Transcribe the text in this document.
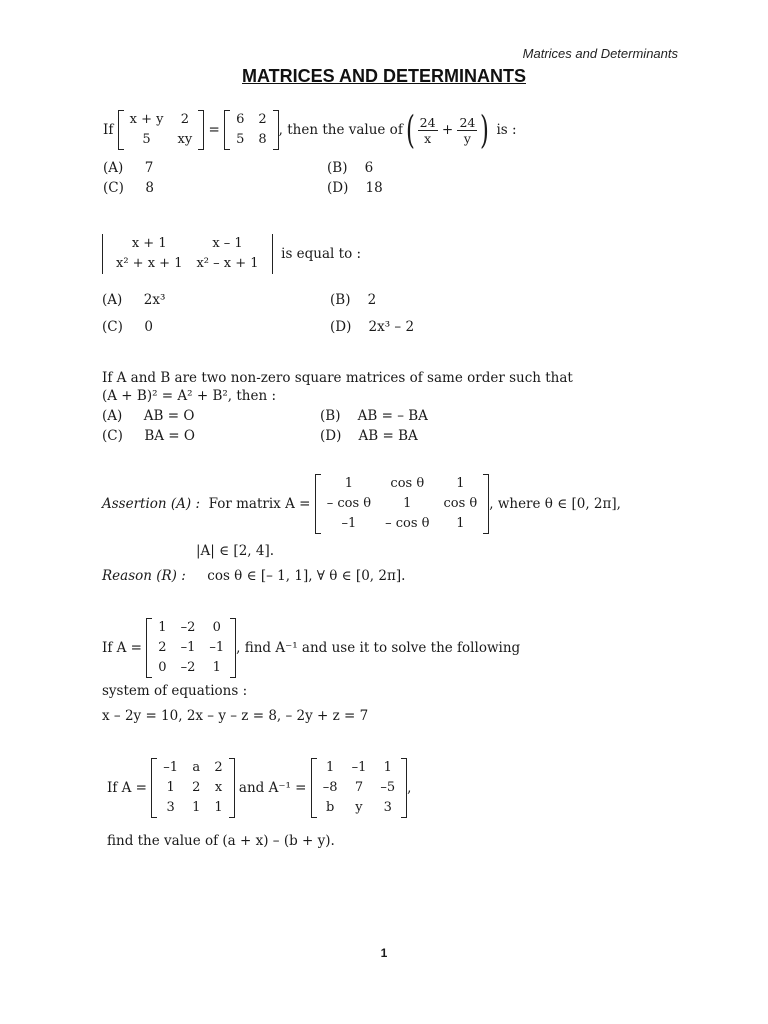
Matrices and Determinants
MATRICES AND DETERMINANTS
If

x + y	2
5	xy

=

6	2
5	8
, then the value of ( $\frac{24}{x}$
+
$\frac{24}{y}$ )
is :
(A) 7	(B) 6
(C) 8	(D) 18
x + 1	x – 1
x² + x + 1	x² – x + 1

is equal to :
(A) 2x³	(B) 2
(C) 0	(D) 2x³ – 2
If A and B are two non-zero square matrices of same order such that
(A + B)² = A² + B², then :
(A) AB = O	(B) AB = – BA
(C) BA = O	(D) AB = BA
Assertion (A) :
For matrix A =

1	cos θ	1
– cos θ	1	cos θ
–1	– cos θ	1
, where θ ∈ [0, 2π],
|A| ∈ [2, 4].
Reason (R) : cos θ ∈ [– 1, 1], ∀ θ ∈ [0, 2π].
If A =

1	–2	0
2	–1	–1
0	–2	1
, find A⁻¹ and use it to solve the following
system of equations :
x – 2y = 10, 2x – y – z = 8, – 2y + z = 7
If A =

–1	a	2
1	2	x
3	1	1

and A⁻¹ =

1	–1	1
–8	7	–5
b	y	3
,
find the value of (a + x) – (b + y).
1
